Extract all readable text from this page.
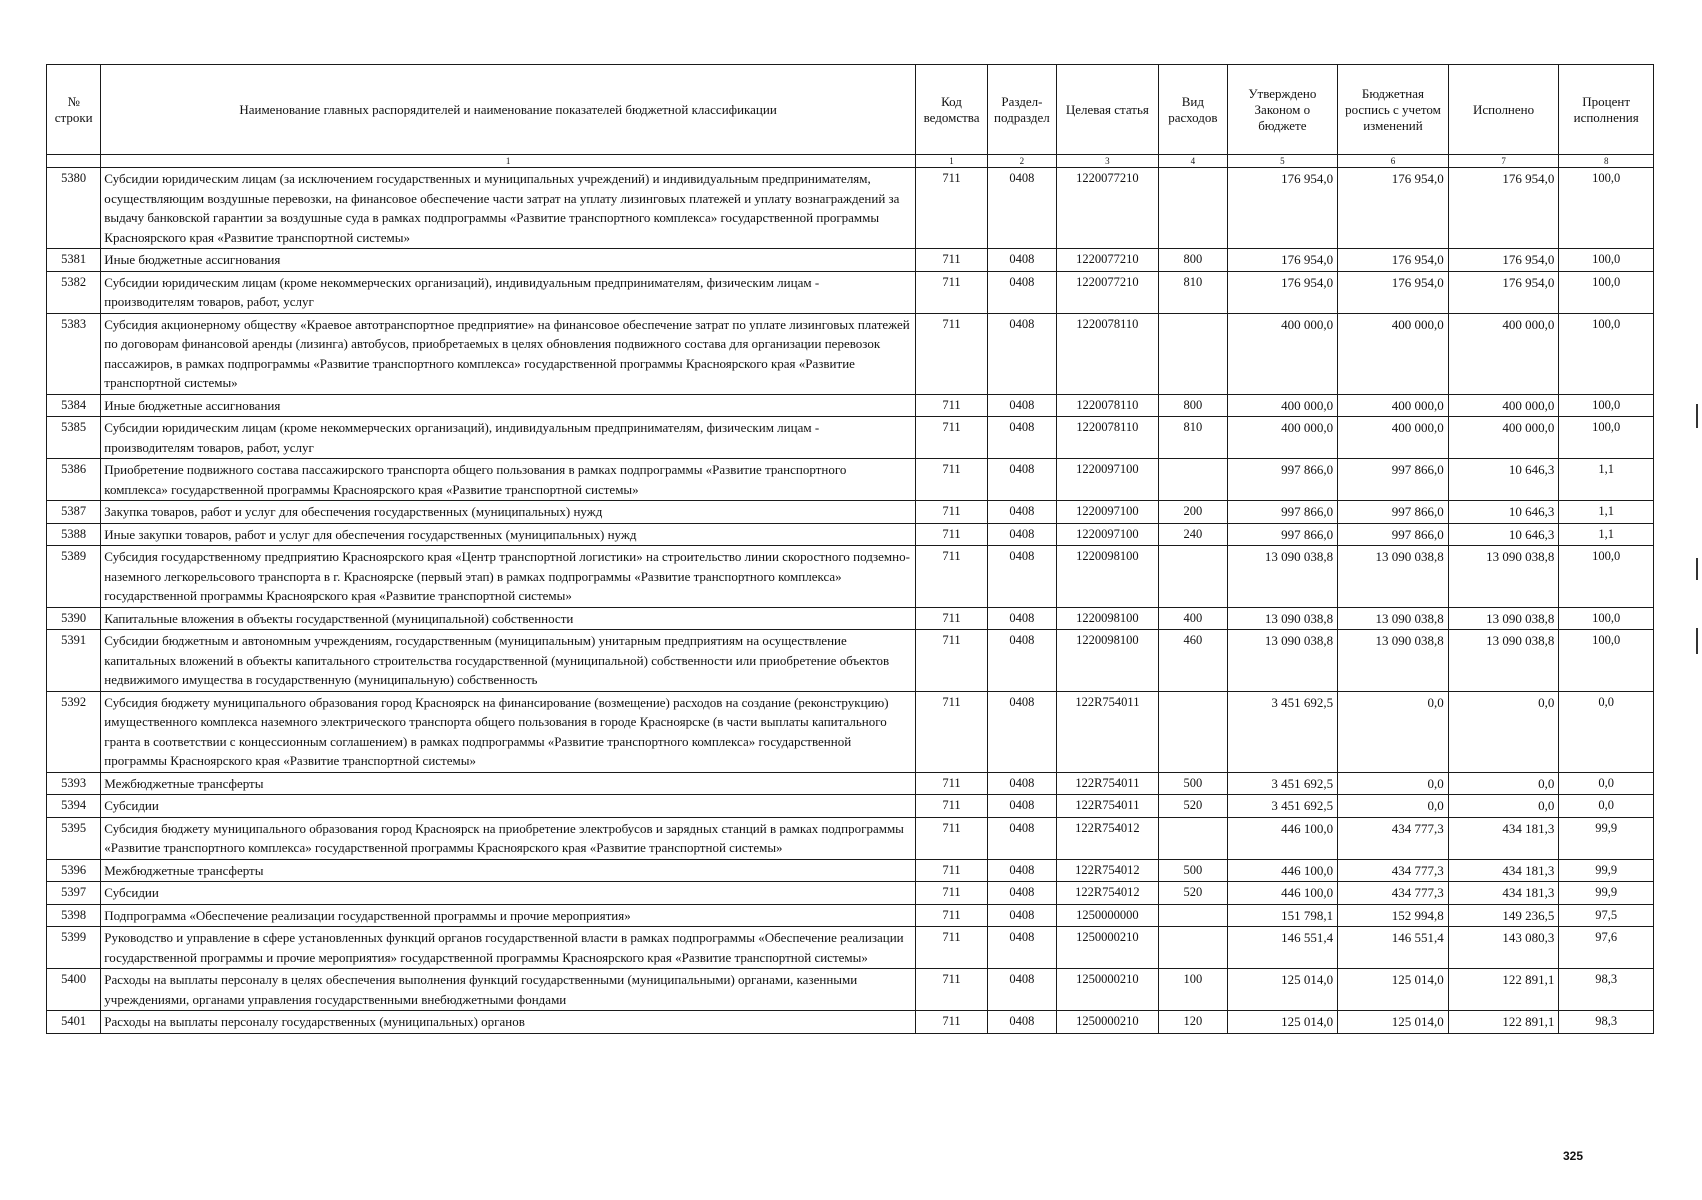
№ строки	Наименование главных распорядителей и наименование показателей бюджетной классификации	Код ведомства	Раздел-подраздел	Целевая статья	Вид расходов	Утверждено Законом о бюджете	Бюджетная роспись с учетом изменений	Исполнено	Процент исполнения
	1	1	2	3	4	5	6	7	8
5380	Субсидии юридическим лицам (за исключением государственных и муниципальных учреждений) и индивидуальным предпринимателям, осуществляющим воздушные перевозки, на финансовое обеспечение части затрат на уплату лизинговых платежей и уплату вознаграждений за выдачу банковской гарантии за воздушные суда в рамках подпрограммы «Развитие транспортного комплекса» государственной программы Красноярского края «Развитие транспортной системы»	711	0408	1220077210		176 954,0	176 954,0	176 954,0	100,0
5381	Иные бюджетные ассигнования	711	0408	1220077210	800	176 954,0	176 954,0	176 954,0	100,0
5382	Субсидии юридическим лицам (кроме некоммерческих организаций), индивидуальным предпринимателям, физическим лицам - производителям товаров, работ, услуг	711	0408	1220077210	810	176 954,0	176 954,0	176 954,0	100,0
5383	Субсидия акционерному обществу «Краевое автотранспортное предприятие» на финансовое обеспечение затрат по уплате лизинговых платежей по договорам финансовой аренды (лизинга) автобусов, приобретаемых в целях обновления подвижного состава для организации перевозок пассажиров, в рамках подпрограммы «Развитие транспортного комплекса» государственной программы Красноярского края «Развитие транспортной системы»	711	0408	1220078110		400 000,0	400 000,0	400 000,0	100,0
5384	Иные бюджетные ассигнования	711	0408	1220078110	800	400 000,0	400 000,0	400 000,0	100,0
5385	Субсидии юридическим лицам (кроме некоммерческих организаций), индивидуальным предпринимателям, физическим лицам - производителям товаров, работ, услуг	711	0408	1220078110	810	400 000,0	400 000,0	400 000,0	100,0
5386	Приобретение подвижного состава пассажирского транспорта общего пользования в рамках подпрограммы «Развитие транспортного комплекса» государственной программы Красноярского края «Развитие транспортной системы»	711	0408	1220097100		997 866,0	997 866,0	10 646,3	1,1
5387	Закупка товаров, работ и услуг для обеспечения государственных (муниципальных) нужд	711	0408	1220097100	200	997 866,0	997 866,0	10 646,3	1,1
5388	Иные закупки товаров, работ и услуг для обеспечения государственных (муниципальных) нужд	711	0408	1220097100	240	997 866,0	997 866,0	10 646,3	1,1
5389	Субсидия государственному предприятию Красноярского края «Центр транспортной логистики» на строительство линии скоростного подземно-наземного легкорельсового транспорта в г. Красноярске (первый этап) в рамках подпрограммы «Развитие транспортного комплекса» государственной программы Красноярского края «Развитие транспортной системы»	711	0408	1220098100		13 090 038,8	13 090 038,8	13 090 038,8	100,0
5390	Капитальные вложения в объекты государственной (муниципальной) собственности	711	0408	1220098100	400	13 090 038,8	13 090 038,8	13 090 038,8	100,0
5391	Субсидии бюджетным и автономным учреждениям, государственным (муниципальным) унитарным предприятиям на осуществление капитальных вложений в объекты капитального строительства государственной (муниципальной) собственности или приобретение объектов недвижимого имущества в государственную (муниципальную) собственность	711	0408	1220098100	460	13 090 038,8	13 090 038,8	13 090 038,8	100,0
5392	Субсидия бюджету муниципального образования город Красноярск на финансирование (возмещение) расходов на создание (реконструкцию) имущественного комплекса наземного электрического транспорта общего пользования в городе Красноярске (в части выплаты капитального гранта в соответствии с концессионным соглашением) в рамках подпрограммы «Развитие транспортного комплекса» государственной программы Красноярского края «Развитие транспортной системы»	711	0408	122R754011		3 451 692,5	0,0	0,0	0,0
5393	Межбюджетные трансферты	711	0408	122R754011	500	3 451 692,5	0,0	0,0	0,0
5394	Субсидии	711	0408	122R754011	520	3 451 692,5	0,0	0,0	0,0
5395	Субсидия бюджету муниципального образования город Красноярск на приобретение электробусов и зарядных станций в рамках подпрограммы «Развитие транспортного комплекса» государственной программы Красноярского края «Развитие транспортной системы»	711	0408	122R754012		446 100,0	434 777,3	434 181,3	99,9
5396	Межбюджетные трансферты	711	0408	122R754012	500	446 100,0	434 777,3	434 181,3	99,9
5397	Субсидии	711	0408	122R754012	520	446 100,0	434 777,3	434 181,3	99,9
5398	Подпрограмма «Обеспечение реализации государственной программы и прочие мероприятия»	711	0408	1250000000		151 798,1	152 994,8	149 236,5	97,5
5399	Руководство и управление в сфере установленных функций органов государственной власти в рамках подпрограммы «Обеспечение реализации государственной программы и прочие мероприятия» государственной программы Красноярского края «Развитие транспортной системы»	711	0408	1250000210		146 551,4	146 551,4	143 080,3	97,6
5400	Расходы на выплаты персоналу в целях обеспечения выполнения функций государственными (муниципальными) органами, казенными учреждениями, органами управления государственными внебюджетными фондами	711	0408	1250000210	100	125 014,0	125 014,0	122 891,1	98,3
5401	Расходы на выплаты персоналу государственных (муниципальных) органов	711	0408	1250000210	120	125 014,0	125 014,0	122 891,1	98,3
325
